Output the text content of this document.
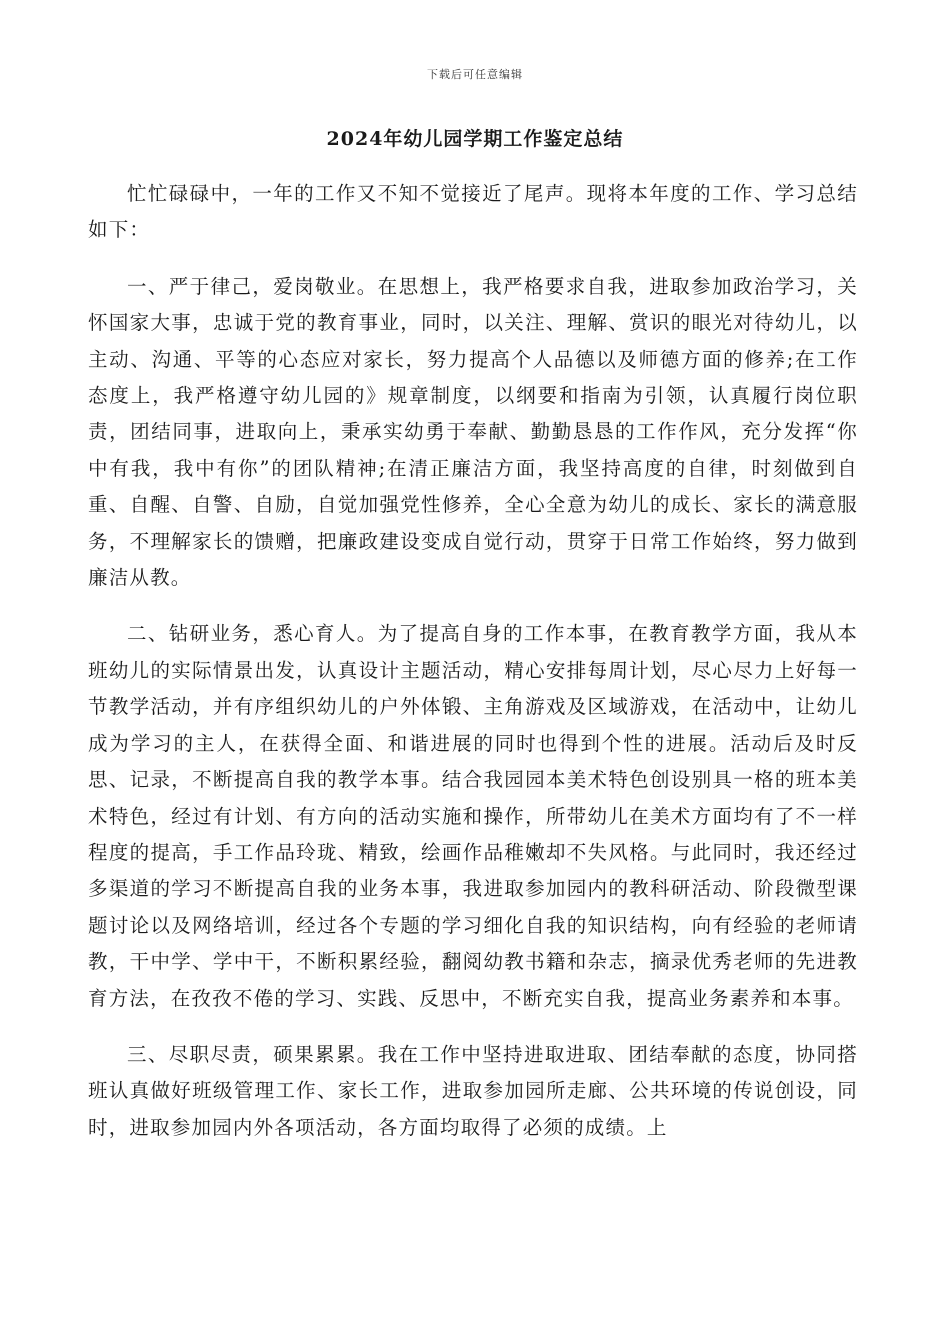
下载后可任意编辑
2024年幼儿园学期工作鉴定总结

忙忙碌碌中，一年的工作又不知不觉接近了尾声。现将本年度的工作、学习总结如下：

一、严于律己，爱岗敬业。在思想上，我严格要求自我，进取参加政治学习，关怀国家大事，忠诚于党的教育事业，同时，以关注、理解、赏识的眼光对待幼儿，以主动、沟通、平等的心态应对家长，努力提高个人品德以及师德方面的修养;在工作态度上，我严格遵守幼儿园的》规章制度，以纲要和指南为引领，认真履行岗位职责，团结同事，进取向上，秉承实幼勇于奉献、勤勤恳恳的工作作风，充分发挥“你中有我，我中有你”的团队精神;在清正廉洁方面，我坚持高度的自律，时刻做到自重、自醒、自警、自励，自觉加强党性修养，全心全意为幼儿的成长、家长的满意服务，不理解家长的馈赠，把廉政建设变成自觉行动，贯穿于日常工作始终，努力做到廉洁从教。

二、钻研业务，悉心育人。为了提高自身的工作本事，在教育教学方面，我从本班幼儿的实际情景出发，认真设计主题活动，精心安排每周计划，尽心尽力上好每一节教学活动，并有序组织幼儿的户外体锻、主角游戏及区域游戏，在活动中，让幼儿成为学习的主人，在获得全面、和谐进展的同时也得到个性的进展。活动后及时反思、记录，不断提高自我的教学本事。结合我园园本美术特色创设别具一格的班本美术特色，经过有计划、有方向的活动实施和操作，所带幼儿在美术方面均有了不一样程度的提高，手工作品玲珑、精致，绘画作品稚嫩却不失风格。与此同时，我还经过多渠道的学习不断提高自我的业务本事，我进取参加园内的教科研活动、阶段微型课题讨论以及网络培训，经过各个专题的学习细化自我的知识结构，向有经验的老师请教，干中学、学中干，不断积累经验，翻阅幼教书籍和杂志，摘录优秀老师的先进教育方法，在孜孜不倦的学习、实践、反思中，不断充实自我，提高业务素养和本事。

三、尽职尽责，硕果累累。我在工作中坚持进取进取、团结奉献的态度，协同搭班认真做好班级管理工作、家长工作，进取参加园所走廊、公共环境的传说创设，同时，进取参加园内外各项活动，各方面均取得了必须的成绩。上
